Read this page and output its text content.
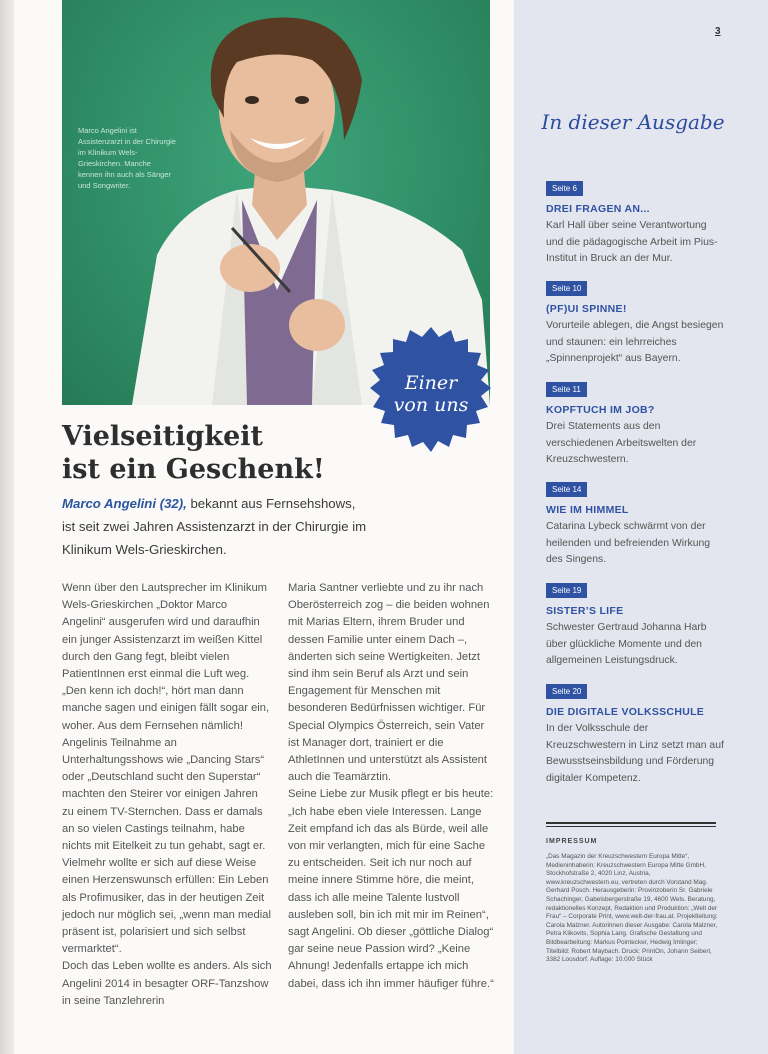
Marco Angelini ist Assistenzarzt in der Chirurgie im Klinikum Wels-Grieskirchen. Manche kennen ihn auch als Sänger und Songwriter.
Einer
von uns
Vielseitigkeit
ist ein Geschenk!
Marco Angelini (32), bekannt aus Fernsehshows, ist seit zwei Jahren Assistenzarzt in der Chirurgie im Klinikum Wels-Grieskirchen.

Wenn über den Lautsprecher im Klinikum Wels-Grieskirchen „Doktor Marco Angelini“ ausgerufen wird und daraufhin ein junger Assistenzarzt im weißen Kittel durch den Gang fegt, bleibt vielen PatientInnen erst einmal die Luft weg. „Den kenn ich doch!“, hört man dann manche sagen und einigen fällt sogar ein, woher. Aus dem Fernsehen nämlich! Angelinis Teilnahme an Unterhaltungsshows wie „Dancing Stars“ oder „Deutschland sucht den Superstar“ machten den Steirer vor einigen Jahren zu einem TV-Sternchen. Dass er damals an so vielen Castings teilnahm, habe nichts mit Eitelkeit zu tun gehabt, sagt er. Vielmehr wollte er sich auf diese Weise einen Herzenswunsch erfüllen: Ein Leben als Profimusiker, das in der heutigen Zeit jedoch nur möglich sei, „wenn man medial präsent ist, polarisiert und sich selbst vermarktet“.

Doch das Leben wollte es anders. Als sich Angelini 2014 in besagter ORF-Tanzshow in seine Tanzlehrerin

Maria Santner verliebte und zu ihr nach Oberösterreich zog – die beiden wohnen mit Marias Eltern, ihrem Bruder und dessen Familie unter einem Dach –, änderten sich seine Wertigkeiten. Jetzt sind ihm sein Beruf als Arzt und sein Engagement für Menschen mit besonderen Bedürfnissen wichtiger. Für Special Olympics Österreich, sein Vater ist Manager dort, trainiert er die AthletInnen und unterstützt als Assistent auch die Teamärztin.

Seine Liebe zur Musik pflegt er bis heute: „Ich habe eben viele Interessen. Lange Zeit empfand ich das als Bürde, weil alle von mir verlangten, mich für eine Sache zu entscheiden. Seit ich nur noch auf meine innere Stimme höre, die meint, dass ich alle meine Talente lustvoll ausleben soll, bin ich mit mir im Reinen“, sagt Angelini. Ob dieser „göttliche Dialog“ gar seine neue Passion wird? „Keine Ahnung! Jedenfalls ertappe ich mich dabei, dass ich ihn immer häufiger führe.“

3
In dieser Ausgabe
Seite 6
DREI FRAGEN AN...
Karl Hall über seine Verantwortung und die pädagogische Arbeit im Pius-Institut in Bruck an der Mur.
Seite 10
(PF)UI SPINNE!
Vorurteile ablegen, die Angst besiegen und staunen: ein lehrreiches „Spinnenprojekt“ aus Bayern.
Seite 11
KOPFTUCH IM JOB?
Drei Statements aus den verschiedenen Arbeitswelten der Kreuzschwestern.
Seite 14
WIE IM HIMMEL
Catarina Lybeck schwärmt von der heilenden und befreienden Wirkung des Singens.
Seite 19
SISTER’S LIFE
Schwester Gertraud Johanna Harb über glückliche Momente und den allgemeinen Leistungsdruck.
Seite 20
DIE DIGITALE VOLKSSCHULE
In der Volksschule der Kreuzschwestern in Linz setzt man auf Bewusstseinsbildung und Förderung digitaler Kompetenz.
IMPRESSUM
„Das Magazin der Kreuzschwestern Europa Mitte“, Medieninhaberin: Kreuzschwestern Europa Mitte GmbH, Stockhofstraße 2, 4020 Linz, Austria, www.kreuzschwestern.eu, vertreten durch Vorstand Mag. Gerhard Posch. Herausgeberin: Provinzoberin Sr. Gabriele Schachinger, Gabelsbergerstraße 19, 4600 Wels. Beratung, redaktionelles Konzept, Redaktion und Produktion: „Welt der Frau“ – Corporate Print, www.welt-der-frau.at. Projektleitung: Carola Malzner. Autorinnen dieser Ausgabe: Carola Malzner, Petra Klikovits, Sophia Lang. Grafische Gestaltung und Bildbearbeitung: Markus Pointecker, Hedwig Imlinger; Titelbild: Robert Maybach. Druck: PrintOn, Johann Seiberl, 3382 Loosdorf. Auflage: 10.000 Stück
